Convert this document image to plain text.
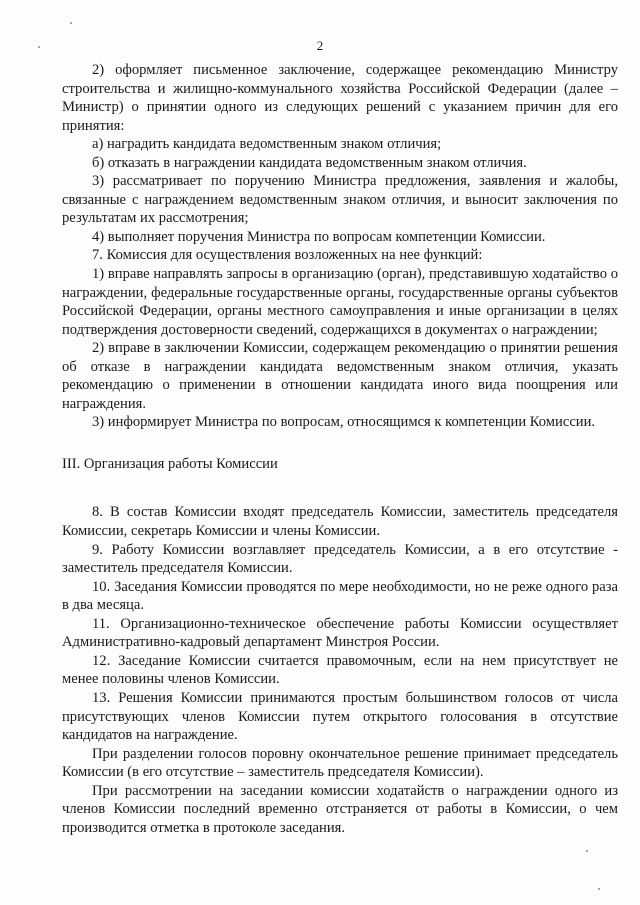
2

2) оформляет письменное заключение, содержащее рекомендацию Министру строительства и жилищно-коммунального хозяйства Российской Федерации (далее – Министр) о принятии одного из следующих решений с указанием причин для его принятия:

а) наградить кандидата ведомственным знаком отличия;

б) отказать в награждении кандидата ведомственным знаком отличия.

3) рассматривает по поручению Министра предложения, заявления и жалобы, связанные с награждением ведомственным знаком отличия, и выносит заключения по результатам их рассмотрения;

4) выполняет поручения Министра по вопросам компетенции Комиссии.

7. Комиссия для осуществления возложенных на нее функций:

1) вправе направлять запросы в организацию (орган), представившую ходатайство о награждении, федеральные государственные органы, государственные органы субъектов Российской Федерации, органы местного самоуправления и иные организации в целях подтверждения достоверности сведений, содержащихся в документах о награждении;

2) вправе в заключении Комиссии, содержащем рекомендацию о принятии решения об отказе в награждении кандидата ведомственным знаком отличия, указать рекомендацию о применении в отношении кандидата иного вида поощрения или награждения.

3) информирует Министра по вопросам, относящимся к компетенции Комиссии.

III. Организация работы Комиссии

8. В состав Комиссии входят председатель Комиссии, заместитель председателя Комиссии, секретарь Комиссии и члены Комиссии.

9. Работу Комиссии возглавляет председатель Комиссии, а в его отсутствие - заместитель председателя Комиссии.

10. Заседания Комиссии проводятся по мере необходимости, но не реже одного раза в два месяца.

11. Организационно-техническое обеспечение работы Комиссии осуществляет Административно-кадровый департамент Минстроя России.

12. Заседание Комиссии считается правомочным, если на нем присутствует не менее половины членов Комиссии.

13. Решения Комиссии принимаются простым большинством голосов от числа присутствующих членов Комиссии путем открытого голосования в отсутствие кандидатов на награждение.

При разделении голосов поровну окончательное решение принимает председатель Комиссии (в его отсутствие – заместитель председателя Комиссии).

При рассмотрении на заседании комиссии ходатайств о награждении одного из членов Комиссии последний временно отстраняется от работы в Комиссии, о чем производится отметка в протоколе заседания.
